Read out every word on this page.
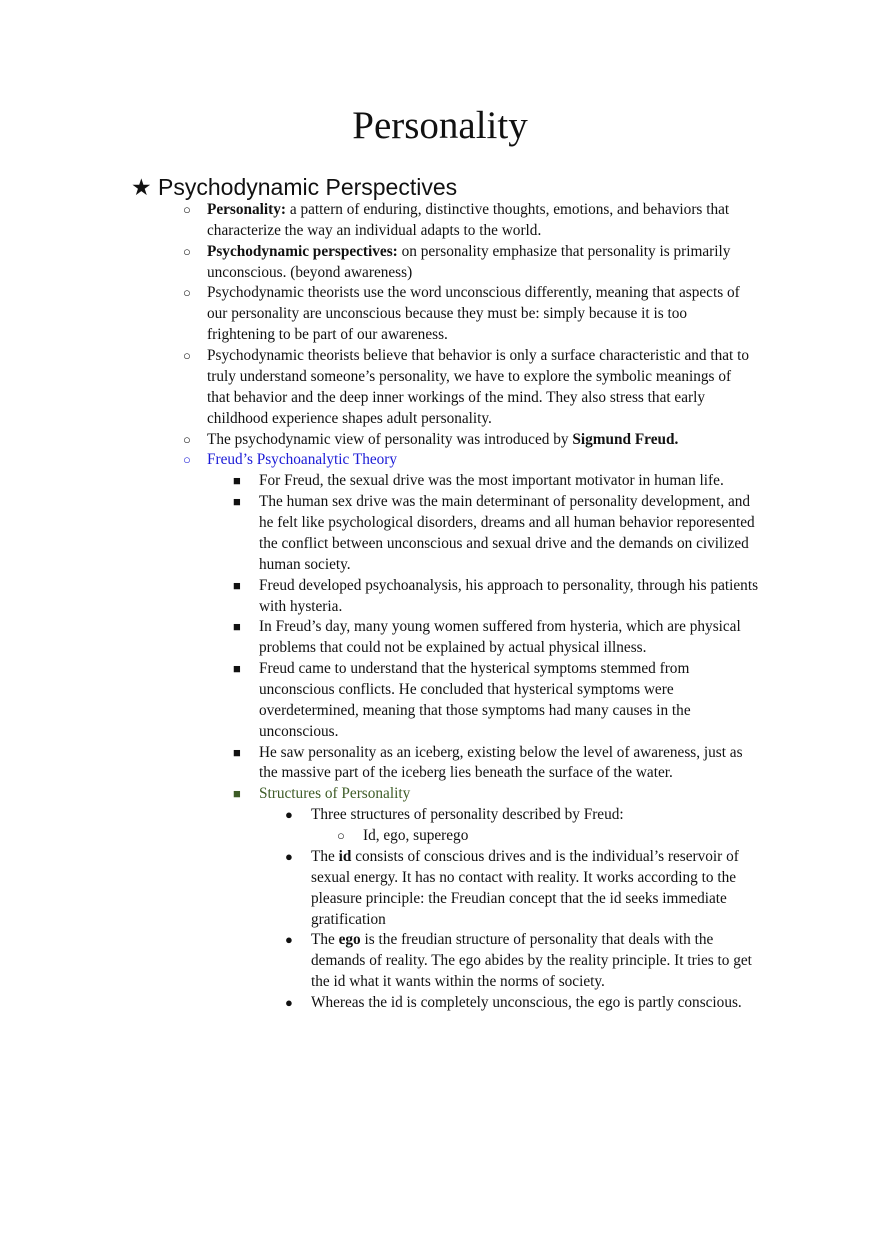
Personality
★ Psychodynamic Perspectives
○ Personality: a pattern of enduring, distinctive thoughts, emotions, and behaviors that
characterize the way an individual adapts to the world.
○ Psychodynamic perspectives: on personality emphasize that personality is primarily
unconscious. (beyond awareness)
○ Psychodynamic theorists use the word unconscious differently, meaning that aspects of
our personality are unconscious because they must be: simply because it is too
frightening to be part of our awareness.
○ Psychodynamic theorists believe that behavior is only a surface characteristic and that to
truly understand someone’s personality, we have to explore the symbolic meanings of
that behavior and the deep inner workings of the mind. They also stress that early
childhood experience shapes adult personality.
○ The psychodynamic view of personality was introduced by Sigmund Freud.
○ Freud’s Psychoanalytic Theory
■ For Freud, the sexual drive was the most important motivator in human life.
■ The human sex drive was the main determinant of personality development, and
he felt like psychological disorders, dreams and all human behavior reporesented
the conflict between unconscious and sexual drive and the demands on civilized
human society.
■ Freud developed psychoanalysis, his approach to personality, through his patients
with hysteria.
■ In Freud’s day, many young women suffered from hysteria, which are physical
problems that could not be explained by actual physical illness.
■ Freud came to understand that the hysterical symptoms stemmed from
unconscious conflicts. He concluded that hysterical symptoms were
overdetermined, meaning that those symptoms had many causes in the
unconscious.
■ He saw personality as an iceberg, existing below the level of awareness, just as
the massive part of the iceberg lies beneath the surface of the water.
■ Structures of Personality
● Three structures of personality described by Freud:
○ Id, ego, superego
● The id consists of conscious drives and is the individual’s reservoir of
sexual energy. It has no contact with reality. It works according to the
pleasure principle: the Freudian concept that the id seeks immediate
gratification
● The ego is the freudian structure of personality that deals with the
demands of reality. The ego abides by the reality principle. It tries to get
the id what it wants within the norms of society.
● Whereas the id is completely unconscious, the ego is partly conscious.
